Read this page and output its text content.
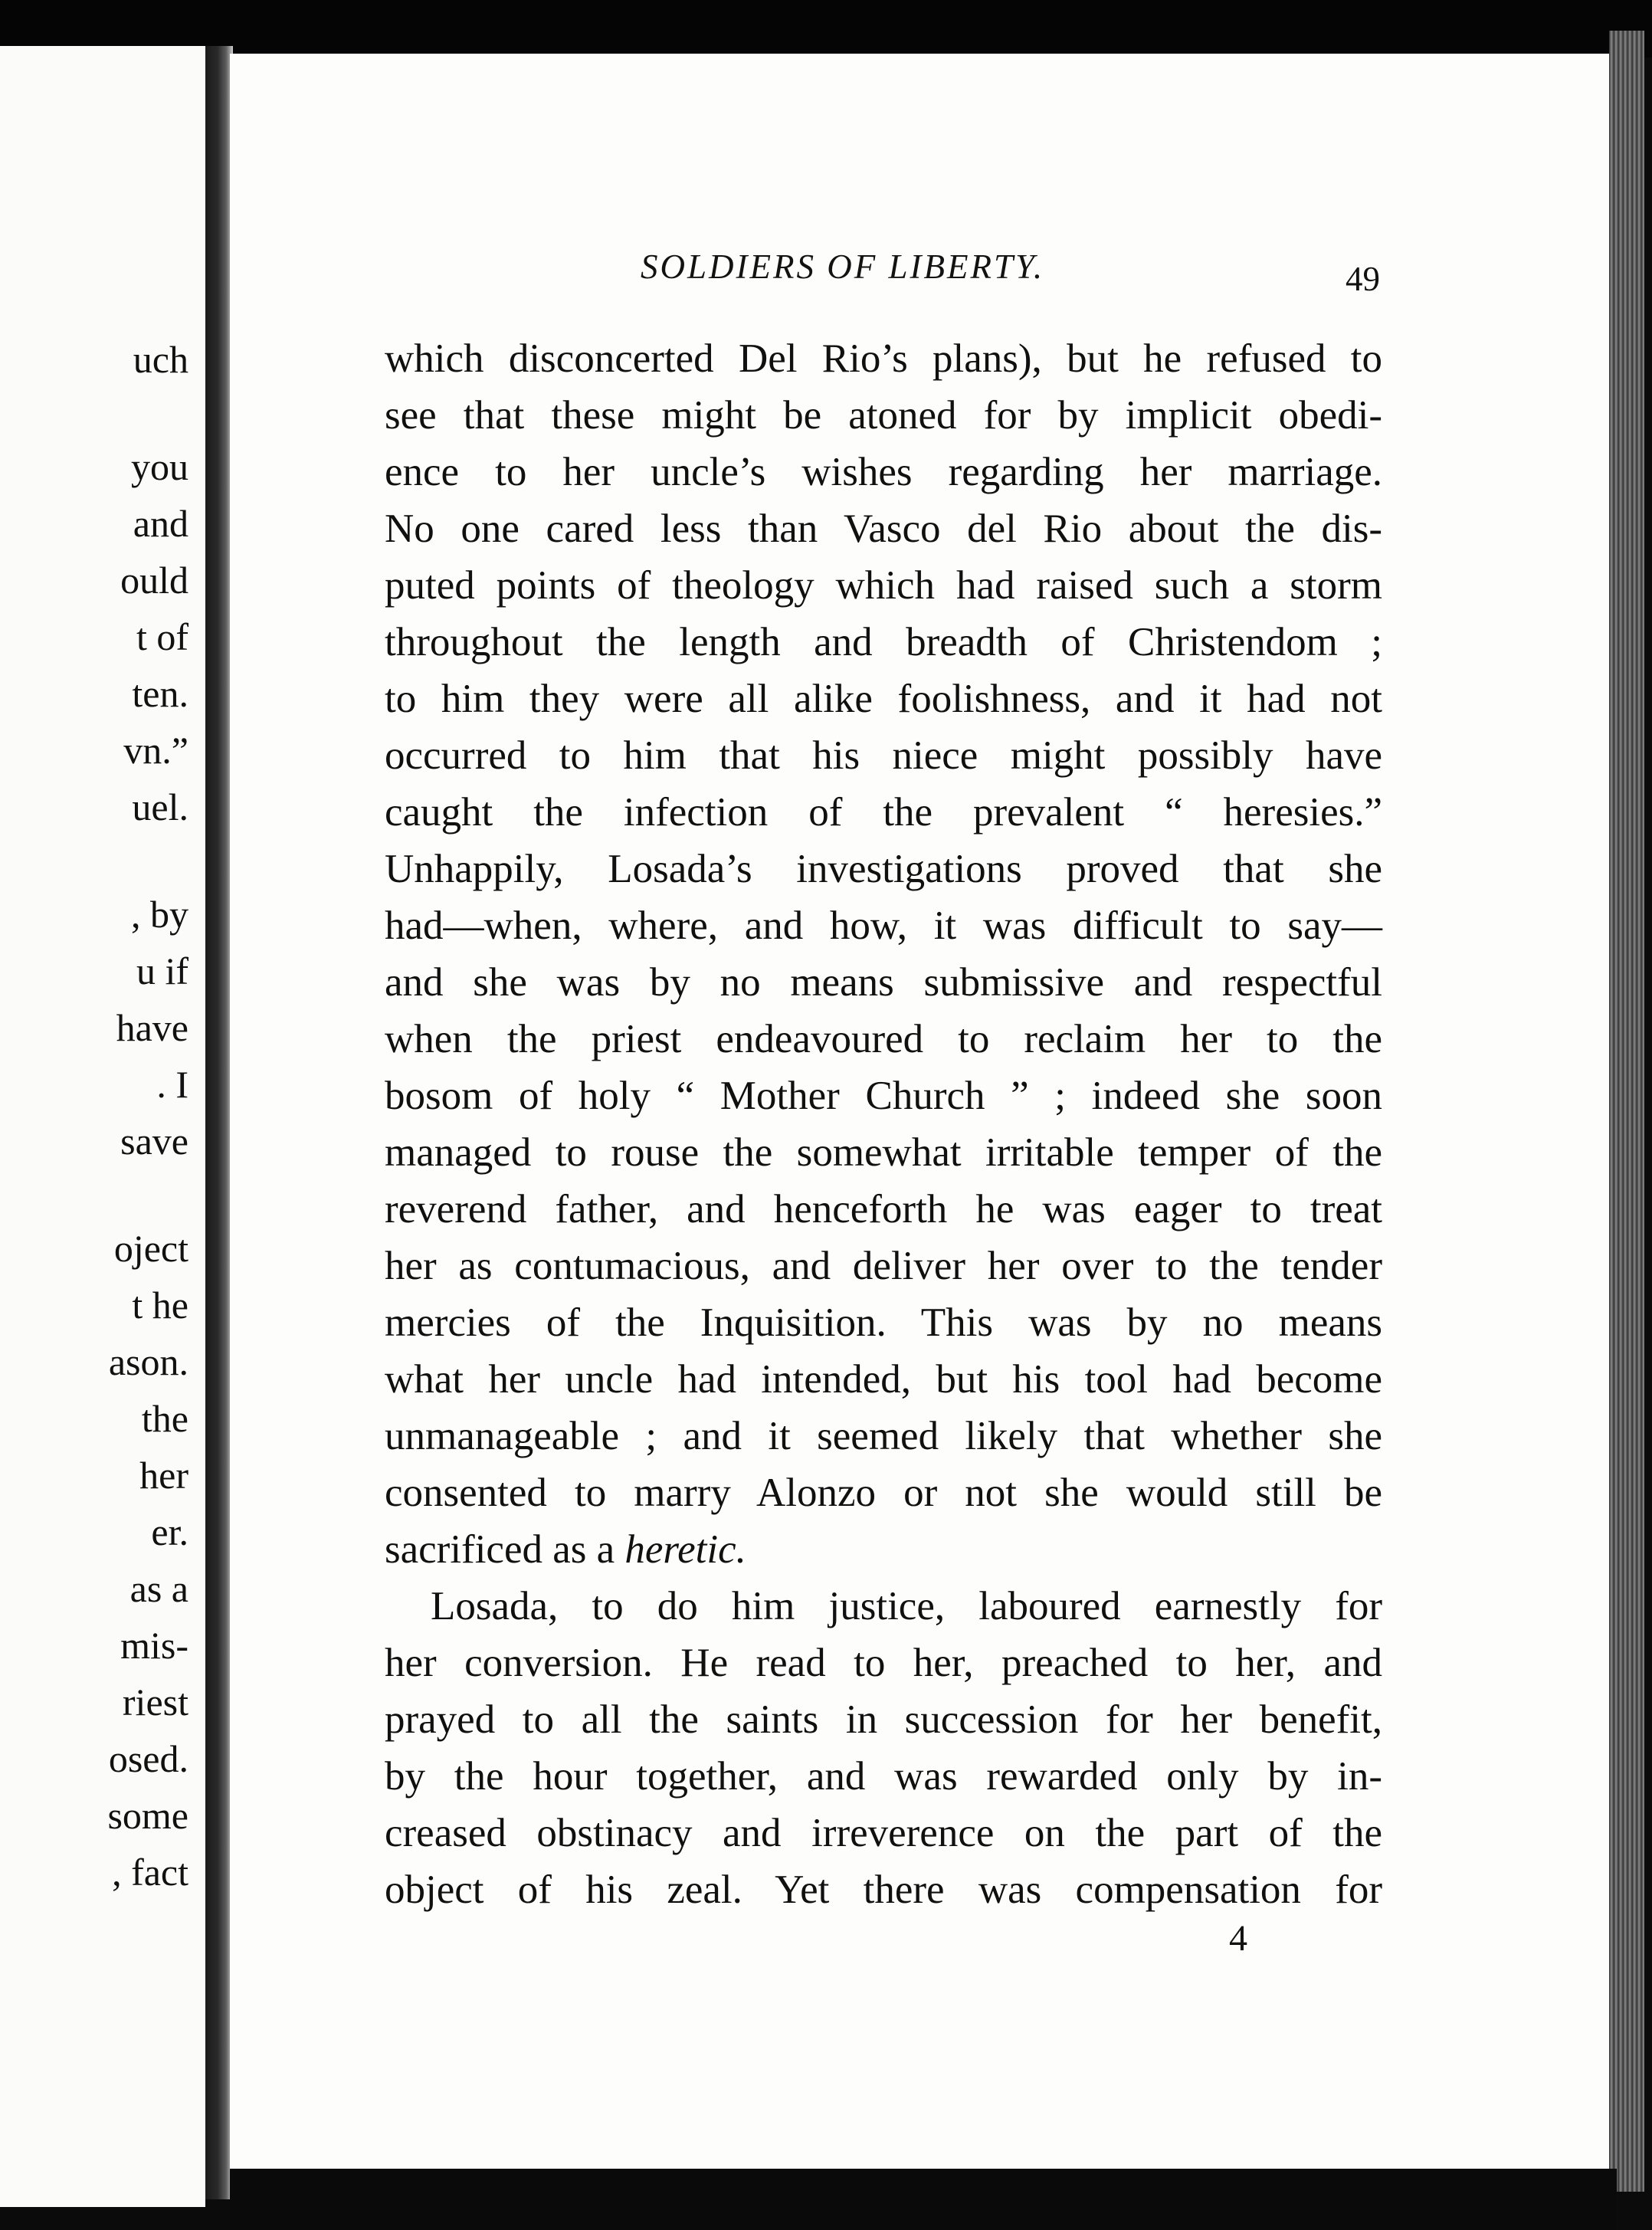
uch
you
and
ould
t of
ten.
vn.”
uel.
, by
u if
have
. I
save
oject
t he
ason.
the
her
er.
as a
mis-
riest
osed.
some
, fact
SOLDIERS OF LIBERTY.	49
which disconcerted Del Rio’s plans), but he refused to
see that these might be atoned for by implicit obedi-
ence to her uncle’s wishes regarding her marriage.
No one cared less than Vasco del Rio about the dis-
puted points of theology which had raised such a storm
throughout the length and breadth of Christendom ;
to him they were all alike foolishness, and it had not
occurred to him that his niece might possibly have
caught the infection of the prevalent “ heresies.”
Unhappily, Losada’s investigations proved that she
had—when, where, and how, it was difficult to say—
and she was by no means submissive and respectful
when the priest endeavoured to reclaim her to the
bosom of holy “ Mother Church ” ; indeed she soon
managed to rouse the somewhat irritable temper of the
reverend father, and henceforth he was eager to treat
her as contumacious, and deliver her over to the tender
mercies of the Inquisition. This was by no means
what her uncle had intended, but his tool had become
unmanageable ; and it seemed likely that whether she
consented to marry Alonzo or not she would still be
sacrificed as a heretic.
Losada, to do him justice, laboured earnestly for
her conversion. He read to her, preached to her, and
prayed to all the saints in succession for her benefit,
by the hour together, and was rewarded only by in-
creased obstinacy and irreverence on the part of the
object of his zeal. Yet there was compensation for
4
